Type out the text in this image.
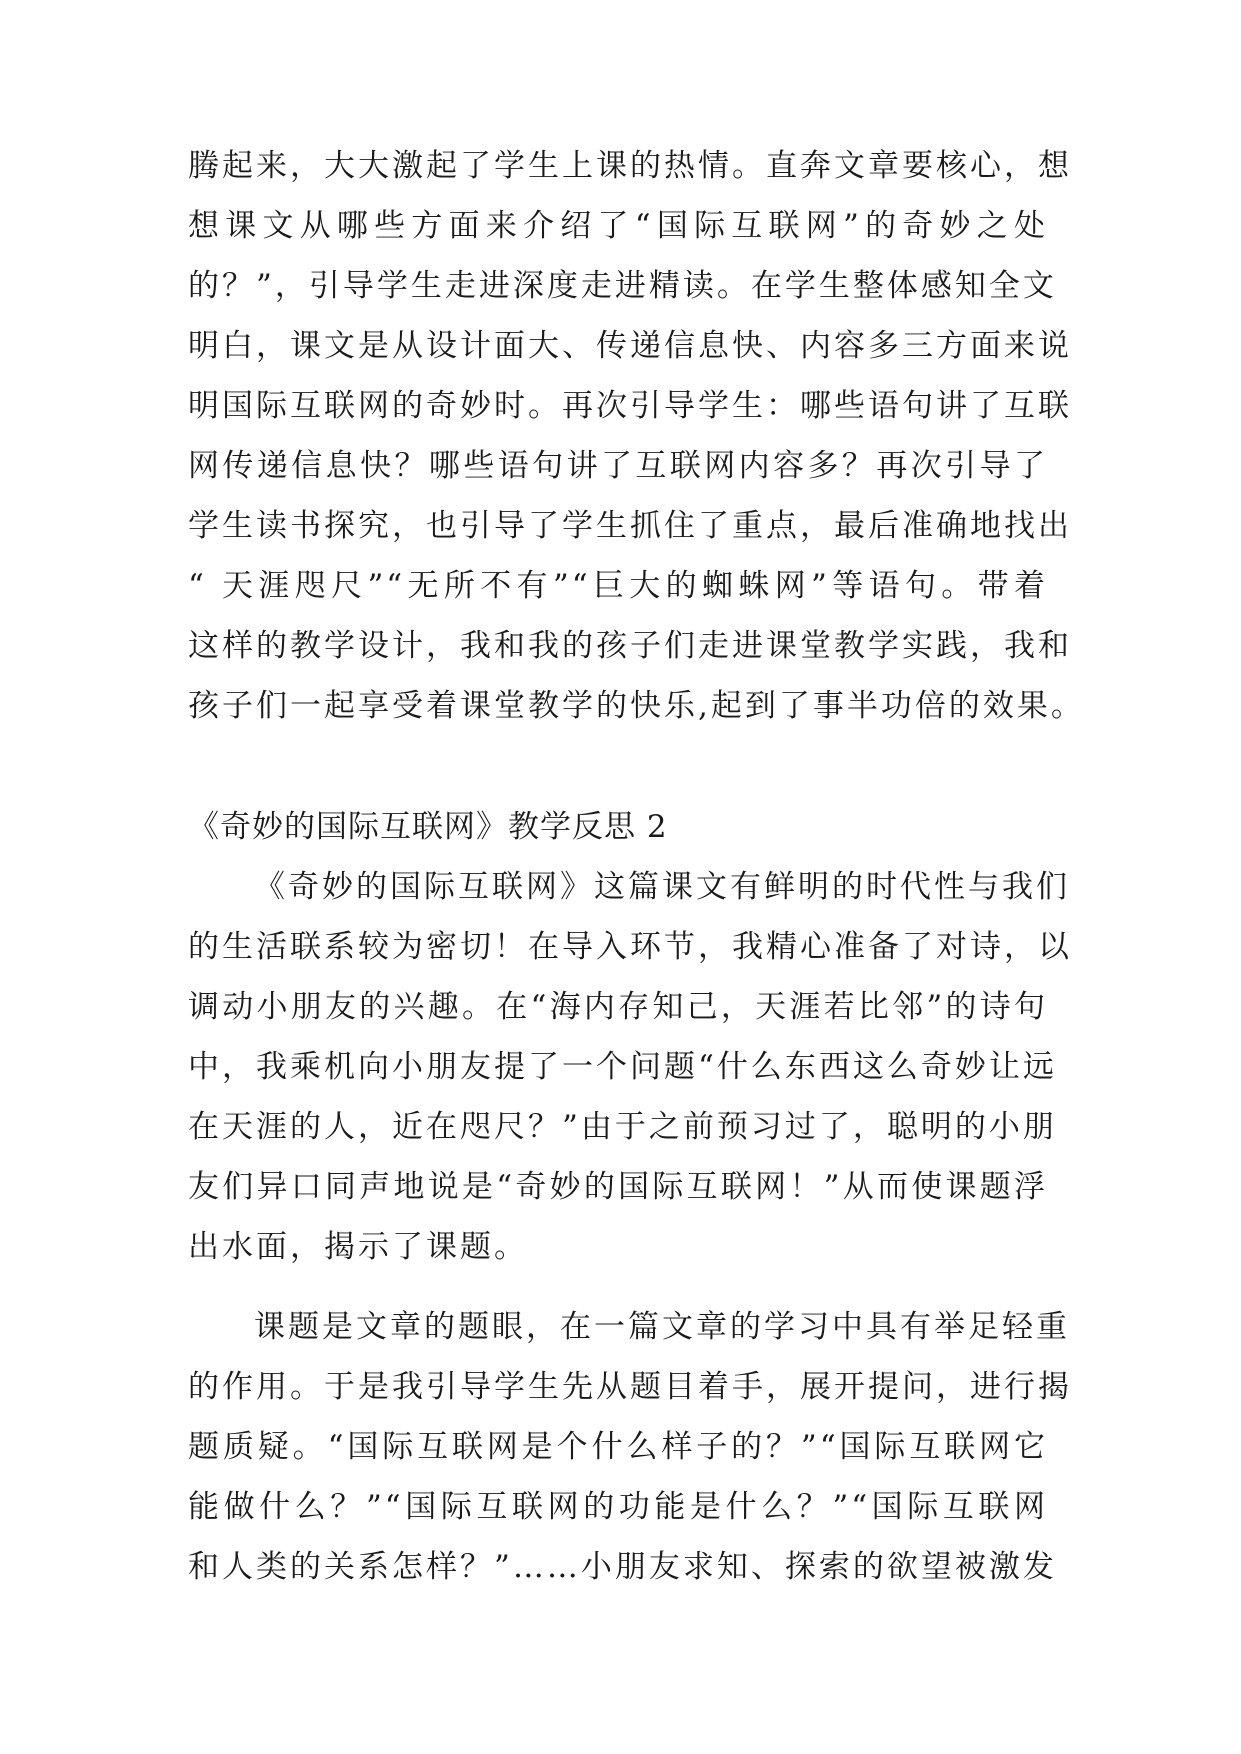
腾起来，大大激起了学生上课的热情。直奔文章要核心，想
想课文从哪些方面来介绍了“国际互联网”的奇妙之处
的？”，引导学生走进深度走进精读。在学生整体感知全文
明白，课文是从设计面大、传递信息快、内容多三方面来说
明国际互联网的奇妙时。再次引导学生：哪些语句讲了互联
网传递信息快？哪些语句讲了互联网内容多？再次引导了
学生读书探究，也引导了学生抓住了重点，最后准确地找出
“ 天涯咫尺”“无所不有”“巨大的蜘蛛网”等语句。带着
这样的教学设计，我和我的孩子们走进课堂教学实践，我和
孩子们一起享受着课堂教学的快乐,起到了事半功倍的效果。
《奇妙的国际互联网》教学反思 2
《奇妙的国际互联网》这篇课文有鲜明的时代性与我们
的生活联系较为密切！在导入环节，我精心准备了对诗，以
调动小朋友的兴趣。在“海内存知己，天涯若比邻”的诗句
中，我乘机向小朋友提了一个问题“什么东西这么奇妙让远
在天涯的人，近在咫尺？”由于之前预习过了，聪明的小朋
友们异口同声地说是“奇妙的国际互联网！”从而使课题浮
出水面，揭示了课题。
课题是文章的题眼，在一篇文章的学习中具有举足轻重
的作用。于是我引导学生先从题目着手，展开提问，进行揭
题质疑。“国际互联网是个什么样子的？”“国际互联网它
能做什么？”“国际互联网的功能是什么？”“国际互联网
和人类的关系怎样？”……小朋友求知、探索的欲望被激发
